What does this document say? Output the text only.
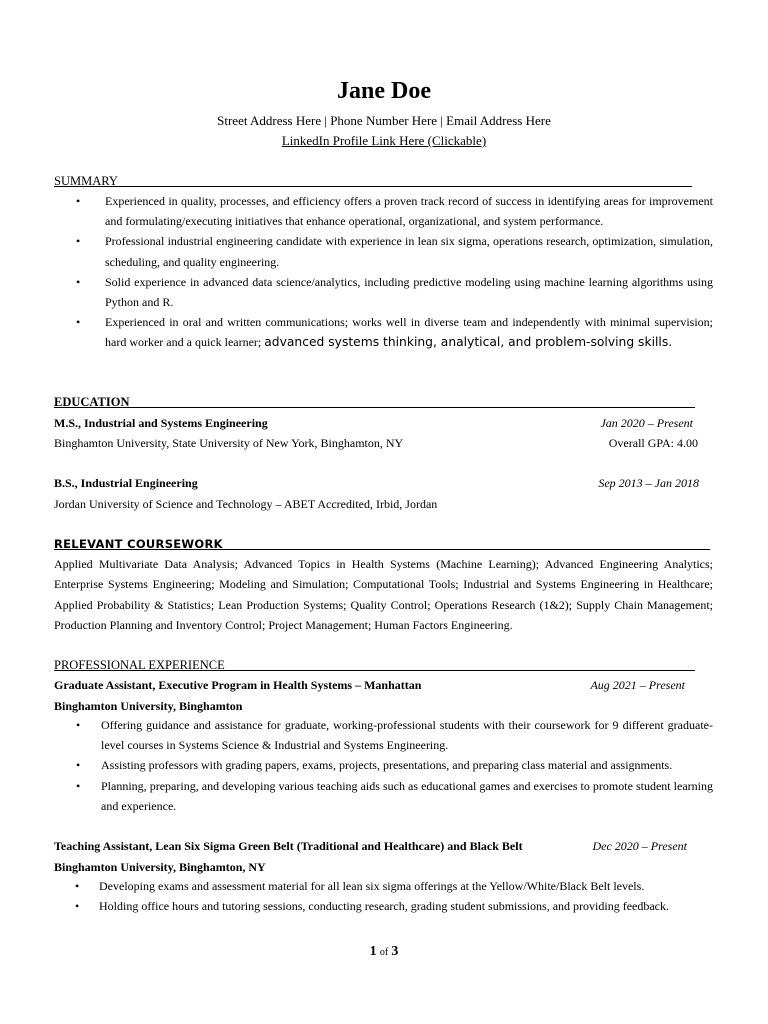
Jane Doe
Street Address Here | Phone Number Here | Email Address Here
LinkedIn Profile Link Here (Clickable)
SUMMARY
• Experienced in quality, processes, and efficiency offers a proven track record of success in identifying areas for improvement and formulating/executing initiatives that enhance operational, organizational, and system performance.
• Professional industrial engineering candidate with experience in lean six sigma, operations research, optimization, simulation, scheduling, and quality engineering.
• Solid experience in advanced data science/analytics, including predictive modeling using machine learning algorithms using Python and R.
• Experienced in oral and written communications; works well in diverse team and independently with minimal supervision; hard worker and a quick learner; advanced systems thinking, analytical, and problem-solving skills.
EDUCATION
M.S., Industrial and Systems Engineering	Jan 2020 – Present
Binghamton University, State University of New York, Binghamton, NY	Overall GPA: 4.00
B.S., Industrial Engineering	Sep 2013 – Jan 2018
Jordan University of Science and Technology – ABET Accredited, Irbid, Jordan
RELEVANT COURSEWORK
Applied Multivariate Data Analysis; Advanced Topics in Health Systems (Machine Learning); Advanced Engineering Analytics; Enterprise Systems Engineering; Modeling and Simulation; Computational Tools; Industrial and Systems Engineering in Healthcare; Applied Probability & Statistics; Lean Production Systems; Quality Control; Operations Research (1&2); Supply Chain Management; Production Planning and Inventory Control; Project Management; Human Factors Engineering.
PROFESSIONAL EXPERIENCE
Graduate Assistant, Executive Program in Health Systems – Manhattan	Aug 2021 – Present
Binghamton University, Binghamton
• Offering guidance and assistance for graduate, working-professional students with their coursework for 9 different graduate-level courses in Systems Science & Industrial and Systems Engineering.
• Assisting professors with grading papers, exams, projects, presentations, and preparing class material and assignments.
• Planning, preparing, and developing various teaching aids such as educational games and exercises to promote student learning and experience.
Teaching Assistant, Lean Six Sigma Green Belt (Traditional and Healthcare) and Black Belt	Dec 2020 – Present
Binghamton University, Binghamton, NY
• Developing exams and assessment material for all lean six sigma offerings at the Yellow/White/Black Belt levels.
• Holding office hours and tutoring sessions, conducting research, grading student submissions, and providing feedback.
1 of 3
